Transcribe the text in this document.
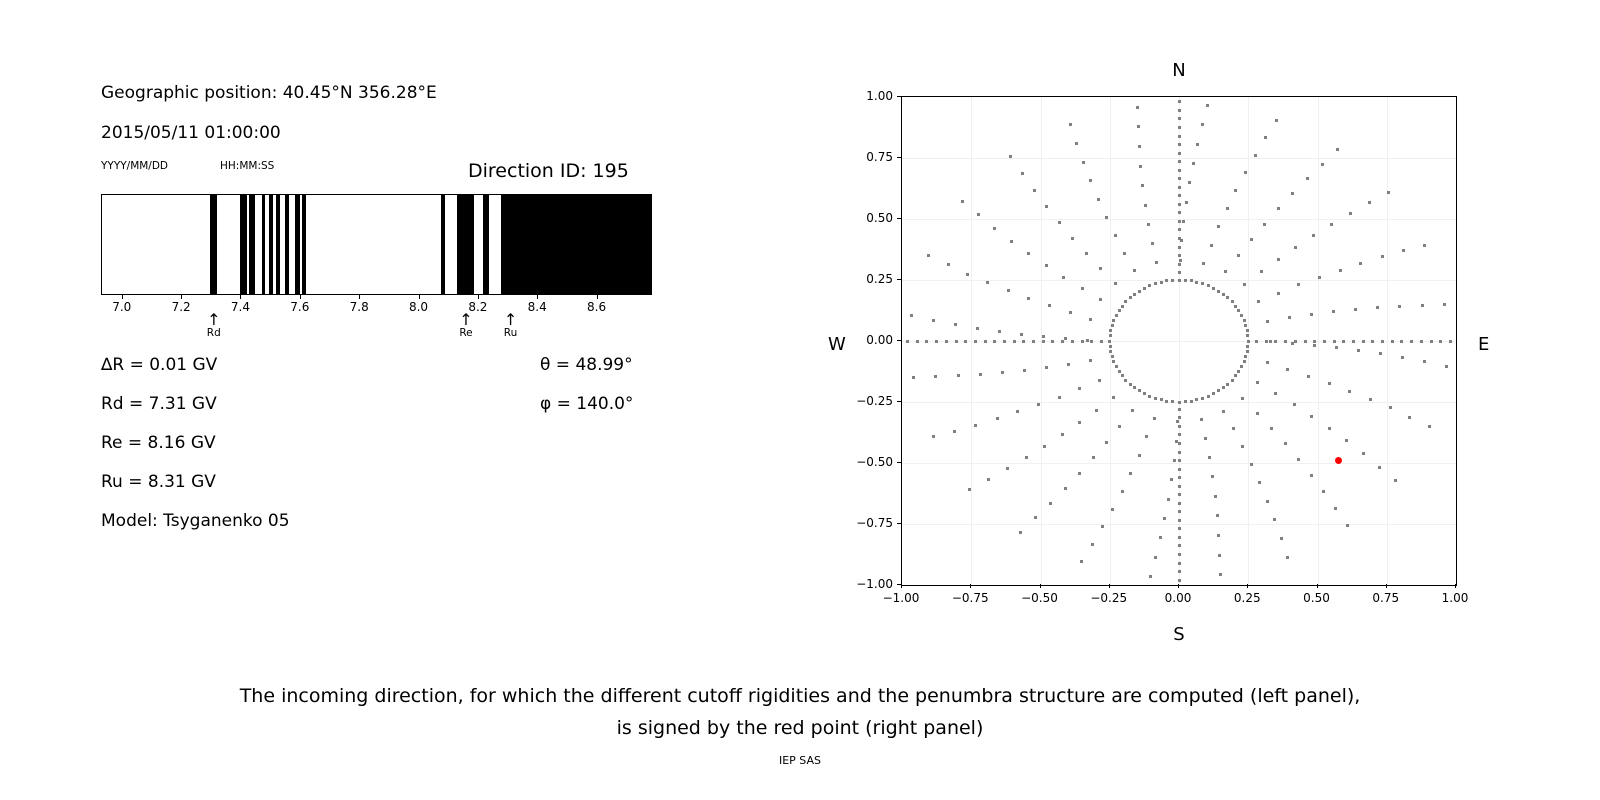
Geographic position: 40.45°N 356.28°E
2015/05/11 01:00:00
YYYY/MM/DD	HH:MM:SS	Direction ID: 195
7.0	7.2	7.4	7.6	7.8	8.0	8.2	8.4	8.6
↑
Rd
↑
Re
↑
Ru
∆R = 0.01 GV
Rd = 7.31 GV
Re = 8.16 GV
Ru = 8.31 GV
Model: Tsyganenko 05
θ = 48.99°
φ = 140.0°
−1.00
−0.75
−0.50
−0.25
0.00
0.25
0.50
0.75
1.00
−1.00	−0.75	−0.50	−0.25	0.00	0.25	0.50	0.75	1.00
N
S
W	E
The incoming direction, for which the different cutoff rigidities and the penumbra structure are computed (left panel),
is signed by the red point (right panel)
IEP SAS
